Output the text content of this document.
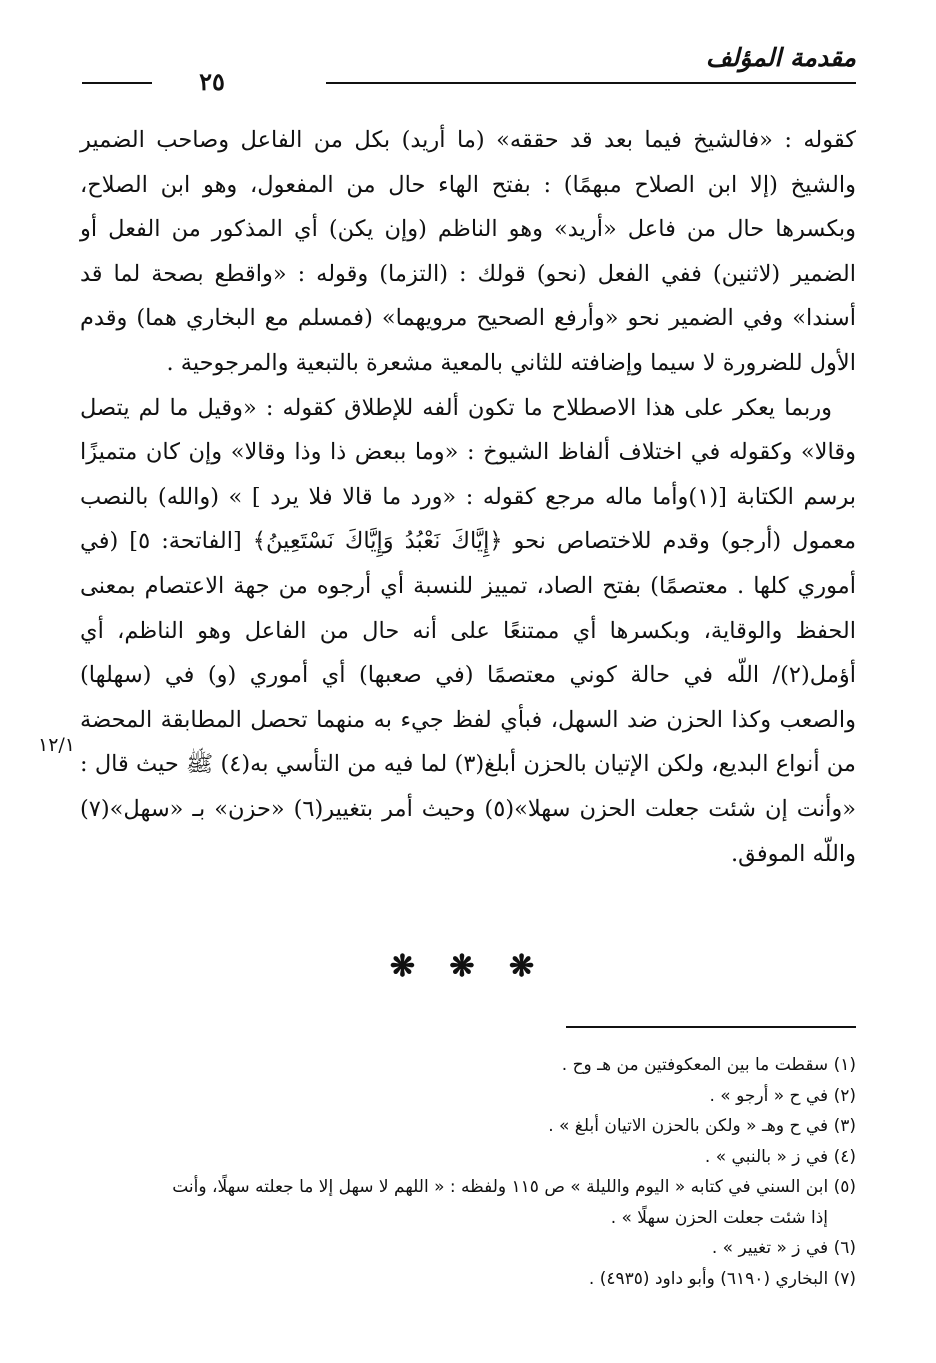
مقدمة المؤلف
٢٥

كقوله : «فالشيخ فيما بعد قد حققه» (ما أريد) بكل من الفاعل وصاحب الضمير والشيخ (إلا ابن الصلاح مبهمًا) : بفتح الهاء حال من المفعول، وهو ابن الصلاح، وبكسرها حال من فاعل «أريد» وهو الناظم (وإن يكن) أي المذكور من الفعل أو الضمير (لاثنين) ففي الفعل (نحو) قولك : (التزما) وقوله : «واقطع بصحة لما قد أسندا» وفي الضمير نحو «وأرفع الصحيح مرويهما» (فمسلم مع البخاري هما) وقدم الأول للضرورة لا سيما وإضافته للثاني بالمعية مشعرة بالتبعية والمرجوحية .

وربما يعكر على هذا الاصطلاح ما تكون ألفه للإطلاق كقوله : «وقيل ما لم يتصل وقالا» وكقوله في اختلاف ألفاظ الشيوخ : «وما ببعض ذا وذا وقالا» وإن كان متميزًا برسم الكتابة [(١)وأما ماله مرجع كقوله : «ورد ما قالا فلا يرد ] » (والله) بالنصب معمول (أرجو) وقدم للاختصاص نحو ﴿إِيَّاكَ نَعْبُدُ وَإِيَّاكَ نَسْتَعِينُ﴾ [الفاتحة: ٥] (في أموري كلها . معتصمًا) بفتح الصاد، تمييز للنسبة أي أرجوه من جهة الاعتصام بمعنى الحفظ والوقاية، وبكسرها أي ممتنعًا على أنه حال من الفاعل وهو الناظم، أي أؤمل(٢)/ اللّه في حالة كوني معتصمًا (في صعبها) أي أموري (و) في (سهلها) والصعب وكذا الحزن ضد السهل، فبأي لفظ جيء به منهما تحصل المطابقة المحضة من أنواع البديع، ولكن الإتيان بالحزن أبلغ(٣) لما فيه من التأسي به(٤) ﷺ حيث قال : «وأنت إن شئت جعلت الحزن سهلا»(٥) وحيث أمر بتغيير(٦) «حزن» بـ «سهل»(٧) واللّه الموفق.

١٢/١
❋ ❋ ❋
(١) سقطت ما بين المعكوفتين من هـ وح .
(٢) في ح « أرجو » .
(٣) في ح وهـ « ولكن بالحزن الاتيان أبلغ » .
(٤) في ز « بالنبي » .
(٥) ابن السني في كتابه « اليوم والليلة » ص ١١٥ ولفظه : « اللهم لا سهل إلا ما جعلته سهلًا، وأنت
إذا شئت جعلت الحزن سهلًا » .
(٦) في ز « تغيير » .
(٧) البخاري (٦١٩٠) وأبو داود (٤٩٣٥) .
